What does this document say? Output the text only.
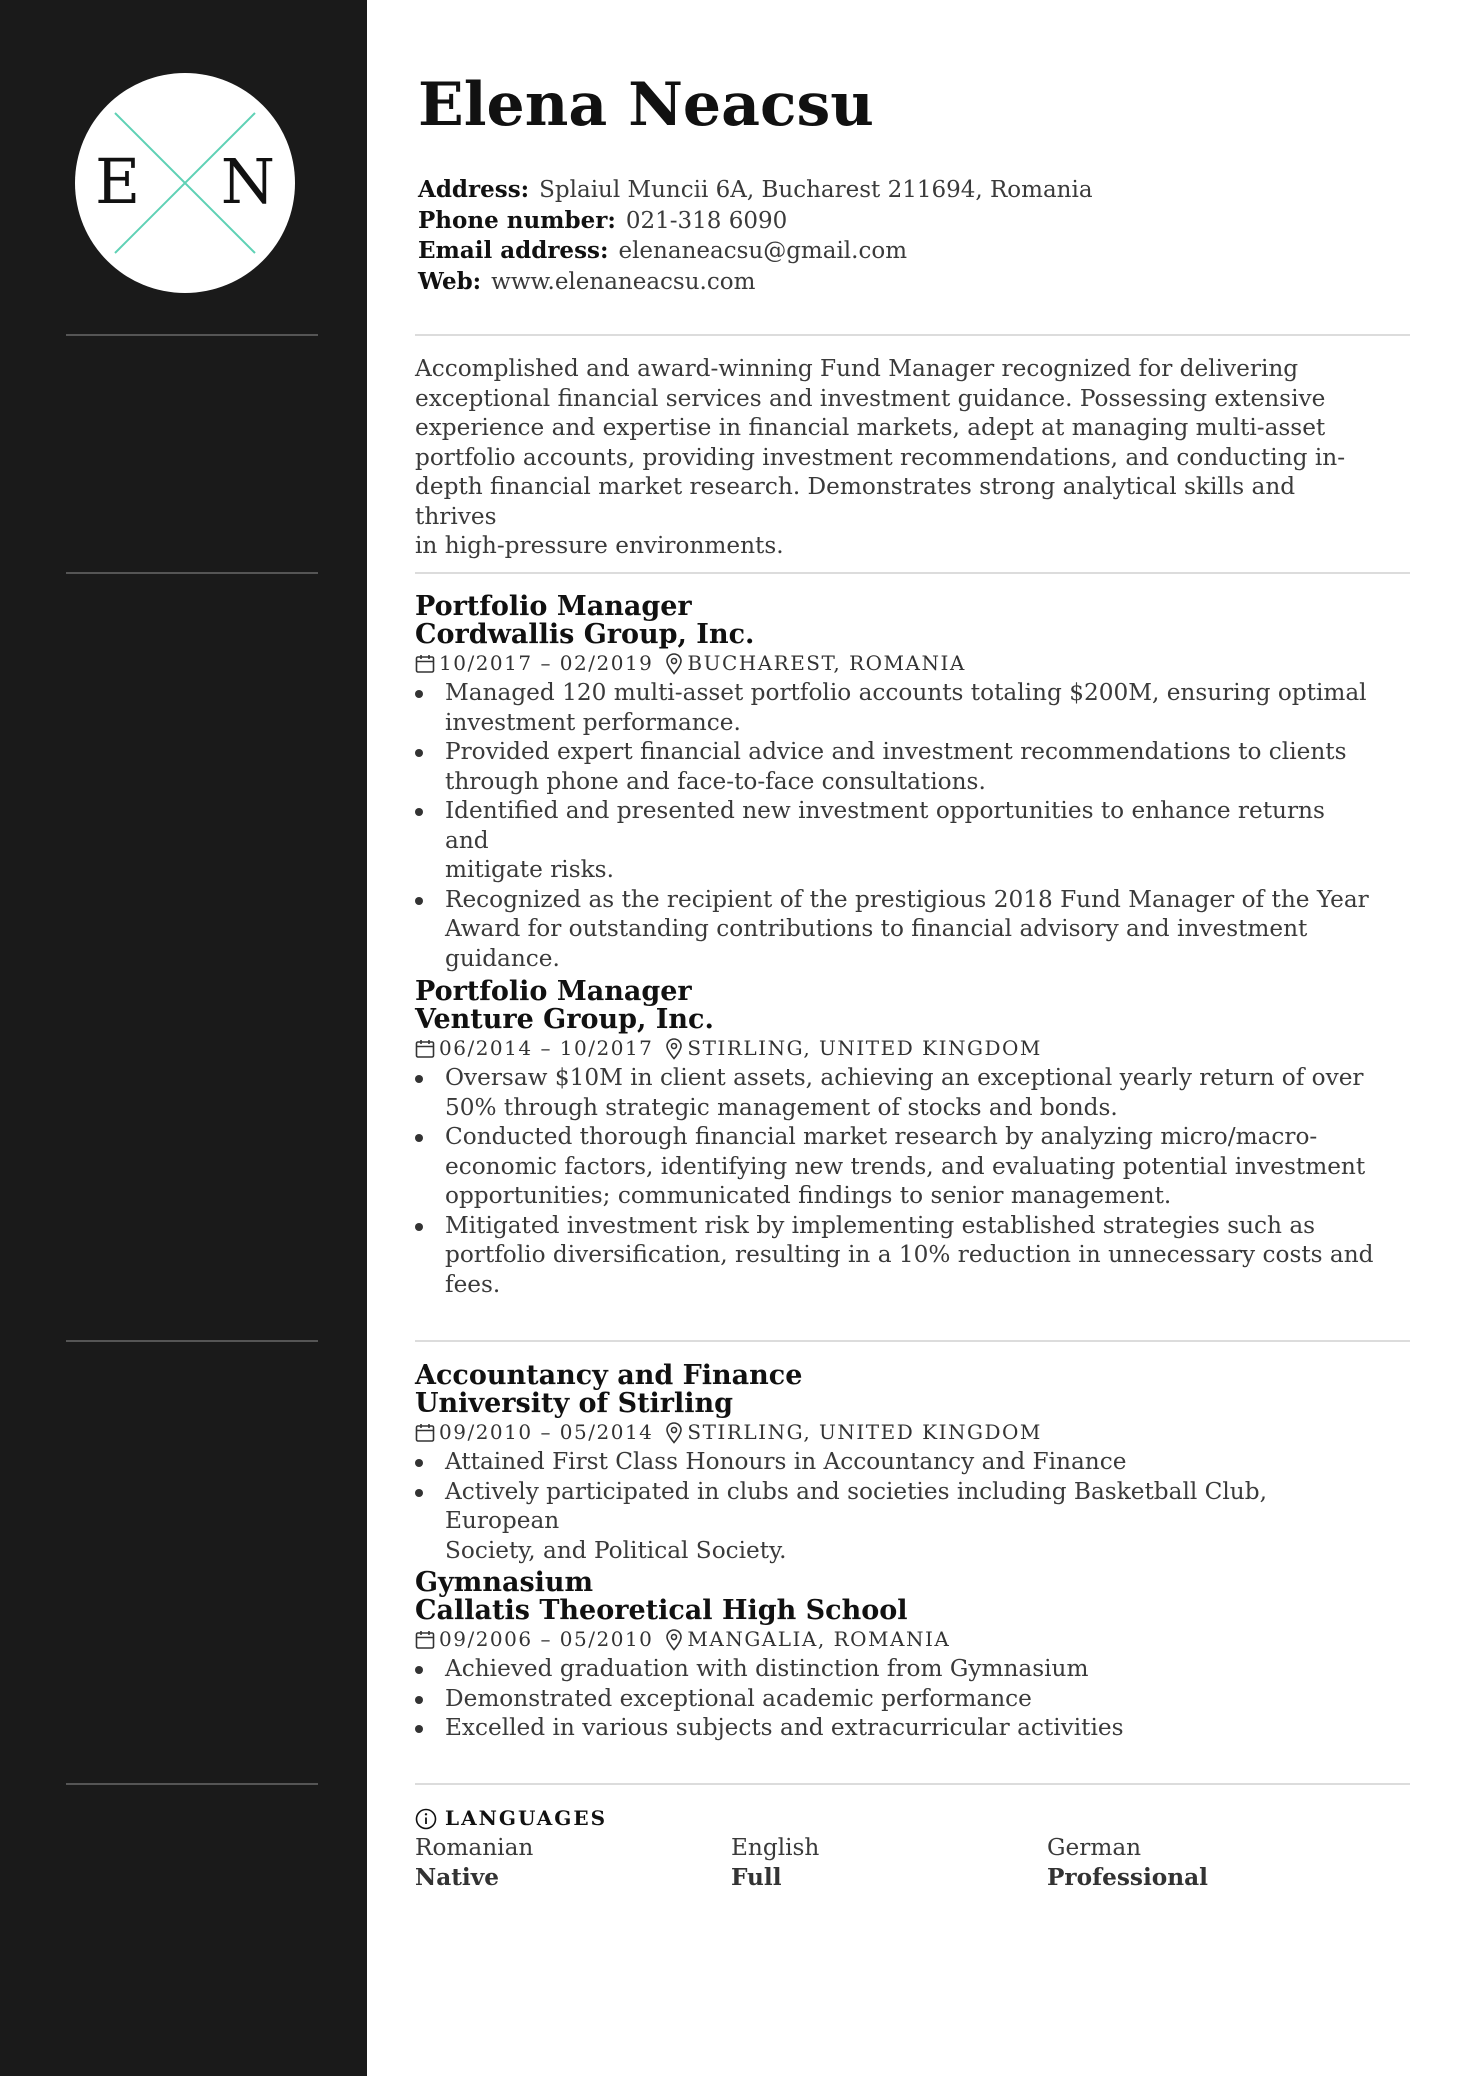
E N
Elena Neacsu
Address: Splaiul Muncii 6A, Bucharest 211694, Romania
Phone number: 021-318 6090
Email address: elenaneacsu@gmail.com
Web: www.elenaneacsu.com

Accomplished and award-winning Fund Manager recognized for delivering
exceptional financial services and investment guidance. Possessing extensive
experience and expertise in financial markets, adept at managing multi-asset
portfolio accounts, providing investment recommendations, and conducting in-
depth financial market research. Demonstrates strong analytical skills and thrives
in high-pressure environments.

Portfolio Manager
Cordwallis Group, Inc.
10/2017 – 02/2019 BUCHAREST, ROMANIA
Managed 120 multi-asset portfolio accounts totaling $200M, ensuring optimal
investment performance.
Provided expert financial advice and investment recommendations to clients
through phone and face-to-face consultations.
Identified and presented new investment opportunities to enhance returns and
mitigate risks.
Recognized as the recipient of the prestigious 2018 Fund Manager of the Year
Award for outstanding contributions to financial advisory and investment
guidance.
Portfolio Manager
Venture Group, Inc.
06/2014 – 10/2017 STIRLING, UNITED KINGDOM
Oversaw $10M in client assets, achieving an exceptional yearly return of over
50% through strategic management of stocks and bonds.
Conducted thorough financial market research by analyzing micro/macro-
economic factors, identifying new trends, and evaluating potential investment
opportunities; communicated findings to senior management.
Mitigated investment risk by implementing established strategies such as
portfolio diversification, resulting in a 10% reduction in unnecessary costs and
fees.
Accountancy and Finance
University of Stirling
09/2010 – 05/2014 STIRLING, UNITED KINGDOM
Attained First Class Honours in Accountancy and Finance
Actively participated in clubs and societies including Basketball Club, European
Society, and Political Society.
Gymnasium
Callatis Theoretical High School
09/2006 – 05/2010 MANGALIA, ROMANIA
Achieved graduation with distinction from Gymnasium
Demonstrated exceptional academic performance
Excelled in various subjects and extracurricular activities
LANGUAGES
Romanian
Native
English
Full
German
Professional
